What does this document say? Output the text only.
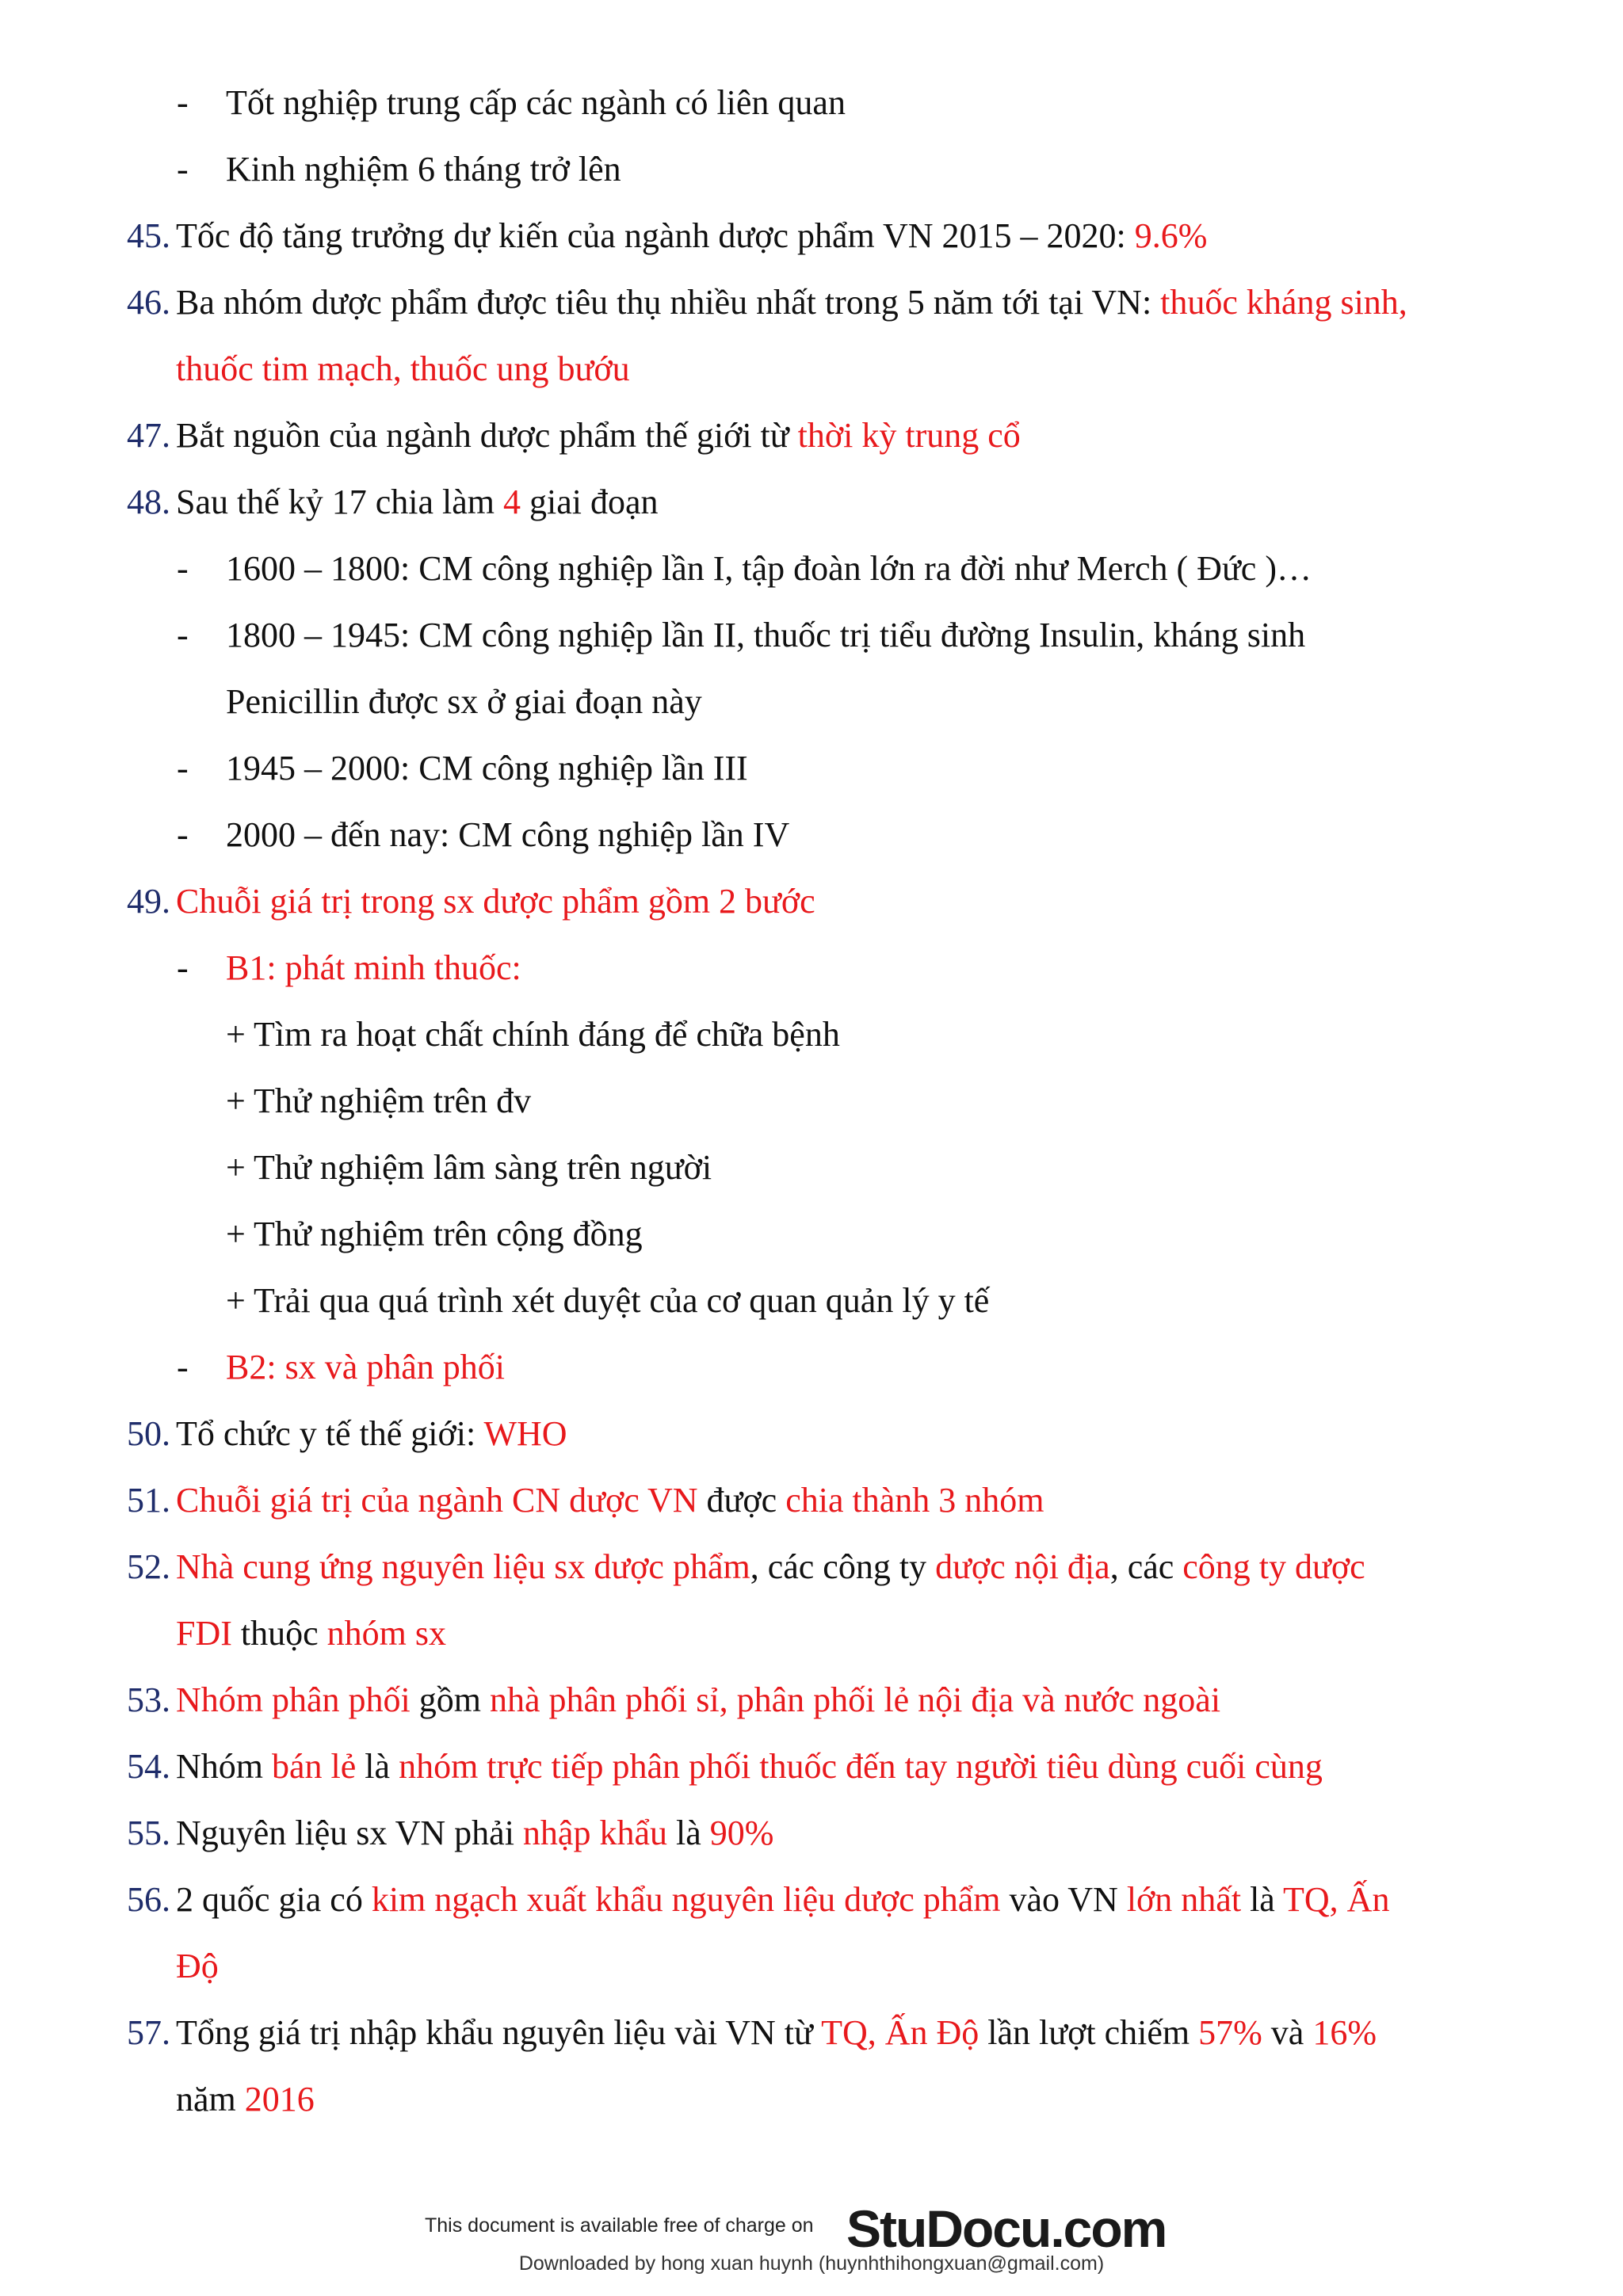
- Tốt nghiệp trung cấp các ngành có liên quan
- Kinh nghiệm 6 tháng trở lên
45. Tốc độ tăng trưởng dự kiến của ngành dược phẩm VN 2015 – 2020: 9.6%
46. Ba nhóm dược phẩm được tiêu thụ nhiều nhất trong 5 năm tới tại VN: thuốc kháng sinh,
thuốc tim mạch, thuốc ung bướu
47. Bắt nguồn của ngành dược phẩm thế giới từ thời kỳ trung cổ
48. Sau thế kỷ 17 chia làm 4 giai đoạn
- 1600 – 1800: CM công nghiệp lần I, tập đoàn lớn ra đời như Merch ( Đức )…
- 1800 – 1945: CM công nghiệp lần II, thuốc trị tiểu đường Insulin, kháng sinh
Penicillin được sx ở giai đoạn này
- 1945 – 2000: CM công nghiệp lần III
- 2000 – đến nay: CM công nghiệp lần IV
49. Chuỗi giá trị trong sx dược phẩm gồm 2 bước
- B1: phát minh thuốc:
+ Tìm ra hoạt chất chính đáng để chữa bệnh
+ Thử nghiệm trên đv
+ Thử nghiệm lâm sàng trên người
+ Thử nghiệm trên cộng đồng
+ Trải qua quá trình xét duyệt của cơ quan quản lý y tế
- B2: sx và phân phối
50. Tổ chức y tế thế giới: WHO
51. Chuỗi giá trị của ngành CN dược VN được chia thành 3 nhóm
52. Nhà cung ứng nguyên liệu sx dược phẩm, các công ty dược nội địa, các công ty dược
FDI thuộc nhóm sx
53. Nhóm phân phối gồm nhà phân phối sỉ, phân phối lẻ nội địa và nước ngoài
54. Nhóm bán lẻ là nhóm trực tiếp phân phối thuốc đến tay người tiêu dùng cuối cùng
55. Nguyên liệu sx VN phải nhập khẩu là 90%
56. 2 quốc gia có kim ngạch xuất khẩu nguyên liệu dược phẩm vào VN lớn nhất là TQ, Ấn
Độ
57. Tổng giá trị nhập khẩu nguyên liệu vài VN từ TQ, Ấn Độ lần lượt chiếm 57% và 16%
năm 2016
This document is available free of charge on StuDocu.com
Downloaded by hong xuan huynh (huynhthihongxuan@gmail.com)
